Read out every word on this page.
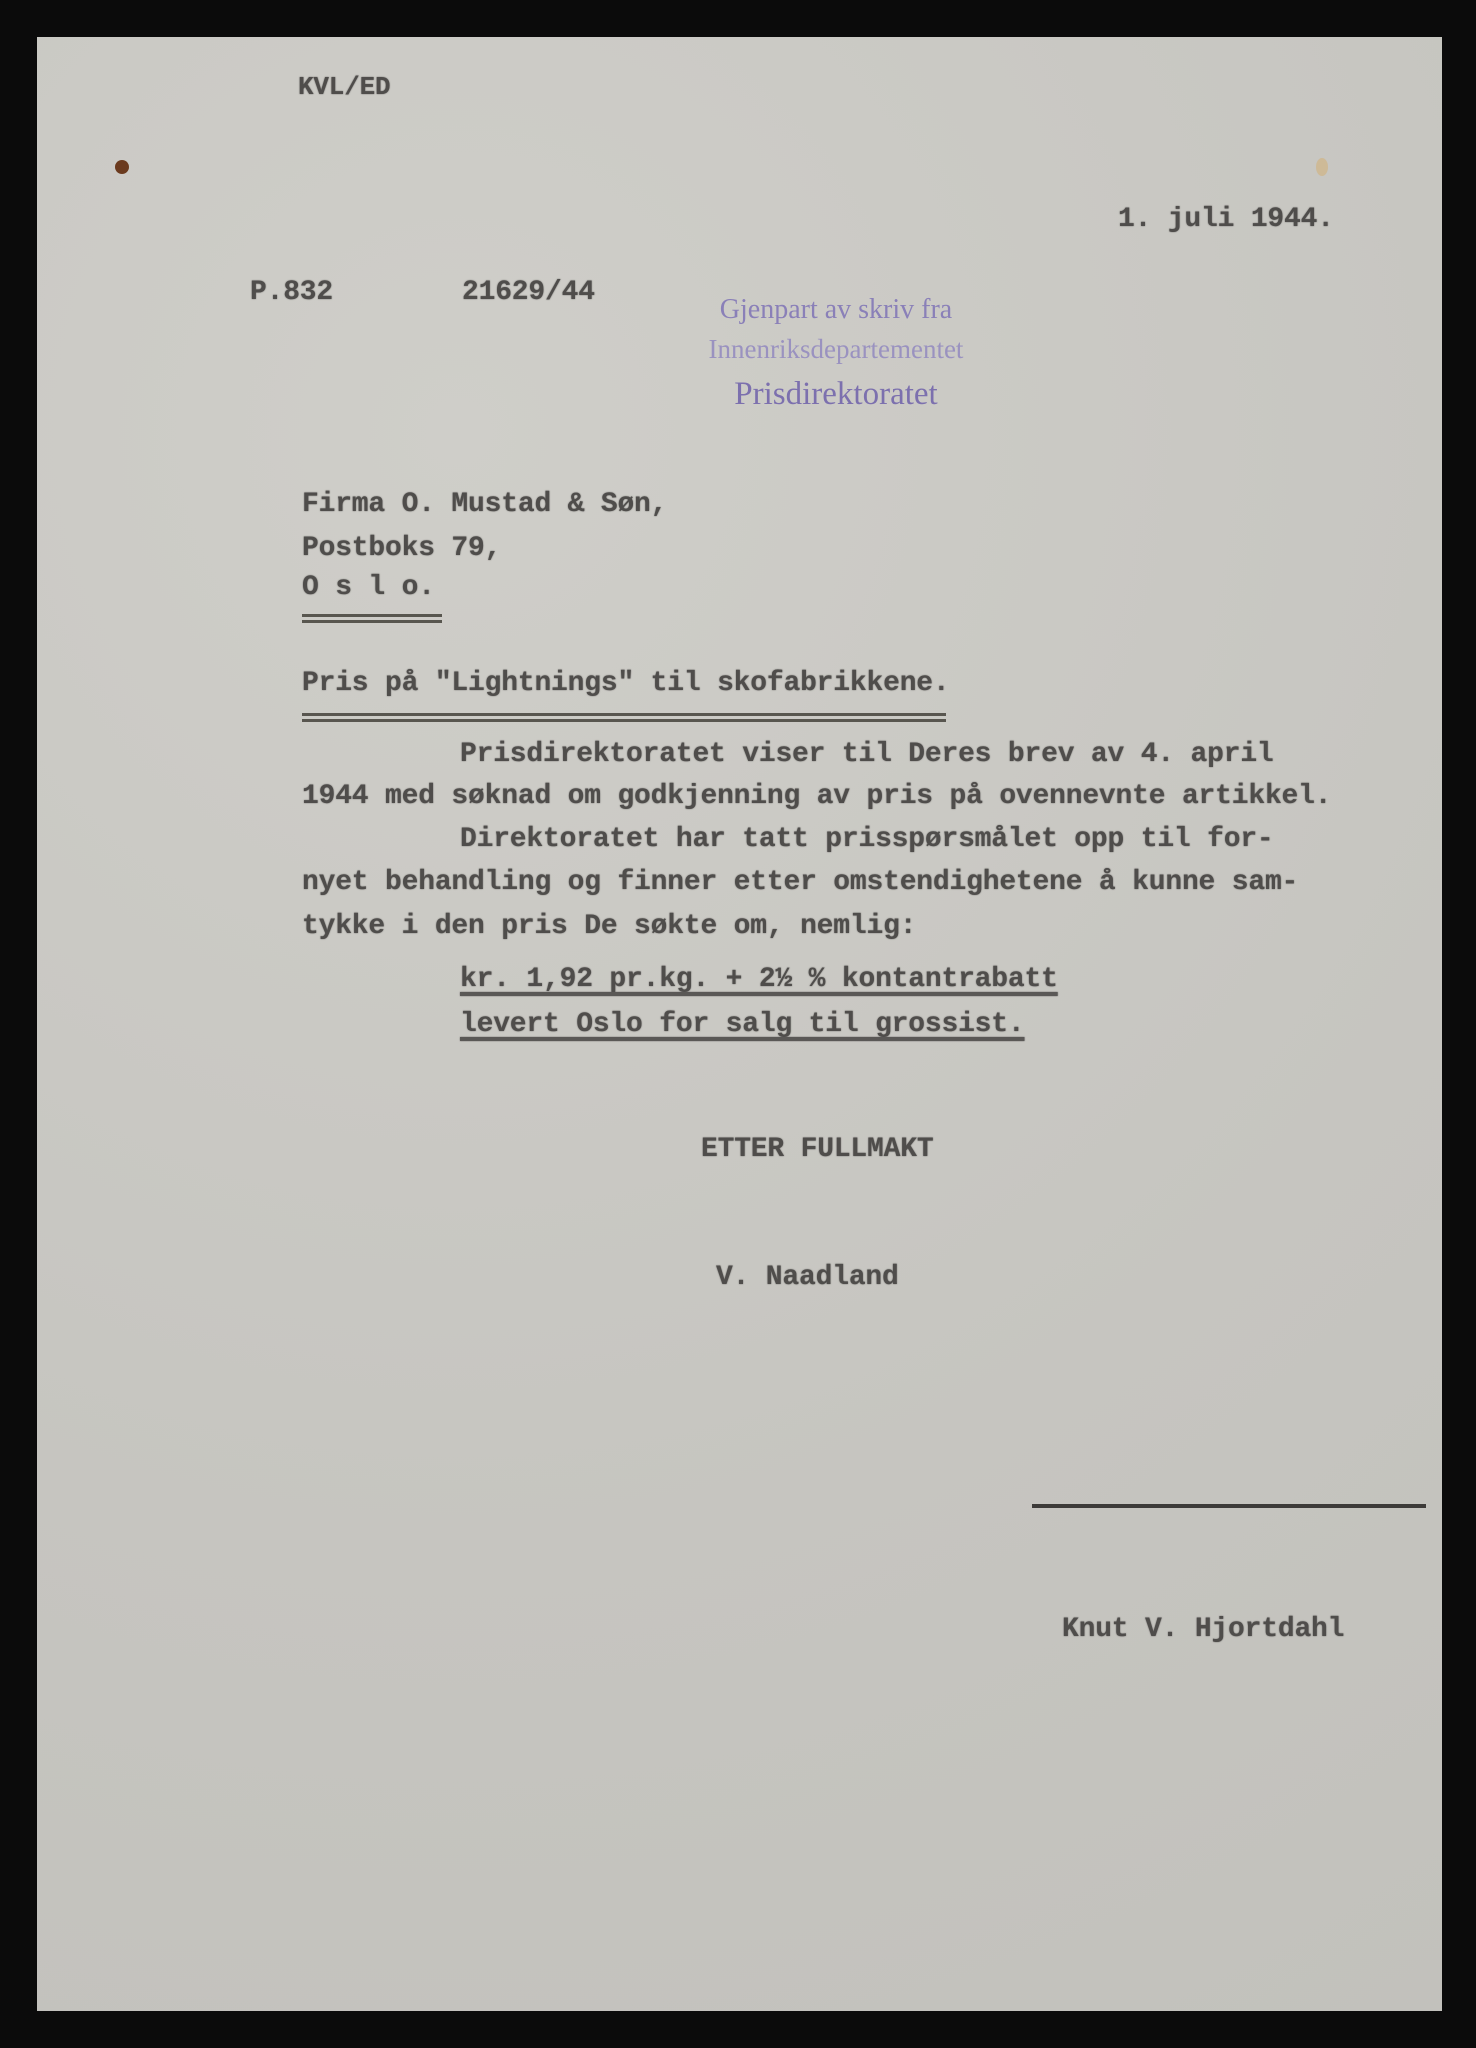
KVL/ED
1. juli 1944.
P.832	21629/44
Gjenpart av skriv fra
Innenriksdepartementet
Prisdirektoratet
Firma O. Mustad & Søn,
Postboks 79,
O s l o.
Pris på "Lightnings" til skofabrikkene.
Prisdirektoratet viser til Deres brev av 4. april
1944 med søknad om godkjenning av pris på ovennevnte artikkel.
Direktoratet har tatt prisspørsmålet opp til for-
nyet behandling og finner etter omstendighetene å kunne sam-
tykke i den pris De søkte om, nemlig:
kr. 1,92 pr.kg. + 2½ % kontantrabatt
levert Oslo for salg til grossist.
ETTER FULLMAKT
V. Naadland
Knut V. Hjortdahl
